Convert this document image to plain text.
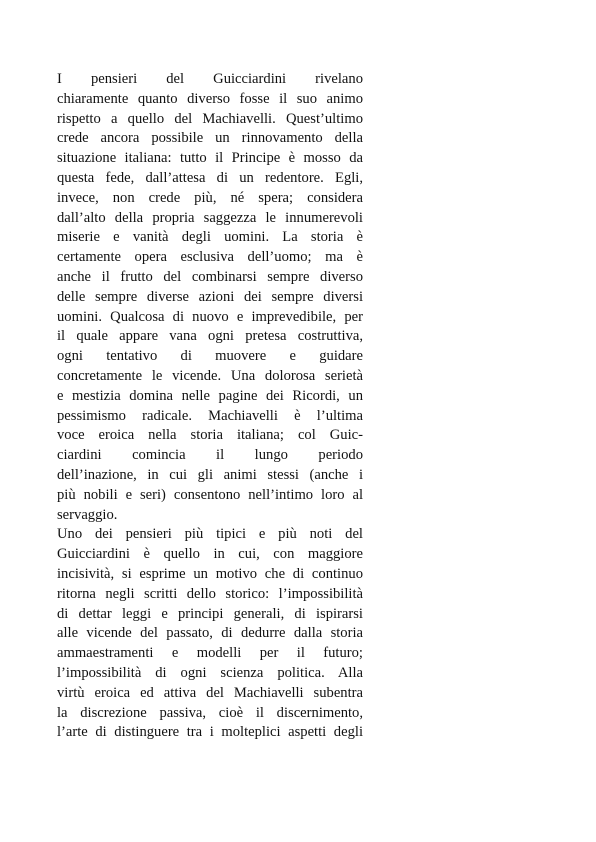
I pensieri del Guicciardini rivelano
chiaramente quanto diverso fosse il suo animo
rispetto a quello del Machiavelli. Quest’ultimo
crede ancora possibile un rinnovamento della
situazione italiana: tutto il Principe è mosso da
questa fede, dall’attesa di un redentore. Egli,
invece, non crede più, né spera; considera
dall’alto della propria saggezza le innumerevoli
miserie e vanità degli uomini. La storia è
certamente opera esclusiva dell’uomo; ma è
anche il frutto del combinarsi sempre diverso
delle sempre diverse azioni dei sempre diversi
uomini. Qualcosa di nuovo e imprevedibile, per
il quale appare vana ogni pretesa costruttiva,
ogni tentativo di muovere e guidare
concretamente le vicende. Una dolorosa serietà
e mestizia domina nelle pagine dei Ricordi, un
pessimismo radicale. Machiavelli è l’ultima
voce eroica nella storia italiana; col Guic-
ciardini comincia il lungo periodo
dell’inazione, in cui gli animi stessi (anche i
più nobili e seri) consentono nell’intimo loro al
servaggio.
Uno dei pensieri più tipici e più noti del
Guicciardini è quello in cui, con maggiore
incisività, si esprime un motivo che di continuo
ritorna negli scritti dello storico: l’impossibilità
di dettar leggi e principi generali, di ispirarsi
alle vicende del passato, di dedurre dalla storia
ammaestramenti e modelli per il futuro;
l’impossibilità di ogni scienza politica. Alla
virtù eroica ed attiva del Machiavelli subentra
la discrezione passiva, cioè il discernimento,
l’arte di distinguere tra i molteplici aspetti degli
